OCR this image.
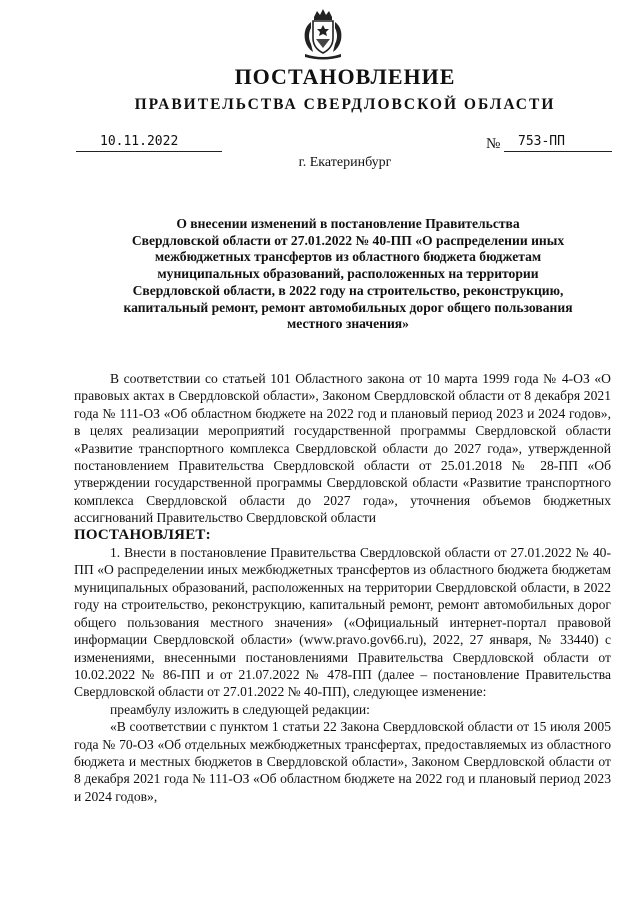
ПОСТАНОВЛЕНИЕ
ПРАВИТЕЛЬСТВА СВЕРДЛОВСКОЙ ОБЛАСТИ
10.11.2022	№	753-ПП
г. Екатеринбург
О внесении изменений в постановление Правительства
Свердловской области от 27.01.2022 № 40-ПП «О распределении иных
межбюджетных трансфертов из областного бюджета бюджетам
муниципальных образований, расположенных на территории
Свердловской области, в 2022 году на строительство, реконструкцию,
капитальный ремонт, ремонт автомобильных дорог общего пользования
местного значения»

В соответствии со статьей 101 Областного закона от 10 марта 1999 года № 4-ОЗ «О правовых актах в Свердловской области», Законом Свердловской области от 8 декабря 2021 года № 111-ОЗ «Об областном бюджете на 2022 год и плановый период 2023 и 2024 годов», в целях реализации мероприятий государственной программы Свердловской области «Развитие транспортного комплекса Свердловской области до 2027 года», утвержденной постановлением Правительства Свердловской области от 25.01.2018 № 28-ПП «Об утверждении государственной программы Свердловской области «Развитие транспортного комплекса Свердловской области до 2027 года», уточнения объемов бюджетных ассигнований Правительство Свердловской области

ПОСТАНОВЛЯЕТ:

1. Внести в постановление Правительства Свердловской области от 27.01.2022 № 40-ПП «О распределении иных межбюджетных трансфертов из областного бюджета бюджетам муниципальных образований, расположенных на территории Свердловской области, в 2022 году на строительство, реконструкцию, капитальный ремонт, ремонт автомобильных дорог общего пользования местного значения» («Официальный интернет-портал правовой информации Свердловской области» (www.pravo.gov66.ru), 2022, 27 января, № 33440) с изменениями, внесенными постановлениями Правительства Свердловской области от 10.02.2022 № 86-ПП и от 21.07.2022 № 478-ПП (далее – постановление Правительства Свердловской области от 27.01.2022 № 40-ПП), следующее изменение:

преамбулу изложить в следующей редакции:

«В соответствии с пунктом 1 статьи 22 Закона Свердловской области от 15 июля 2005 года № 70-ОЗ «Об отдельных межбюджетных трансфертах, предоставляемых из областного бюджета и местных бюджетов в Свердловской области», Законом Свердловской области от 8 декабря 2021 года № 111-ОЗ «Об областном бюджете на 2022 год и плановый период 2023 и 2024 годов»,
